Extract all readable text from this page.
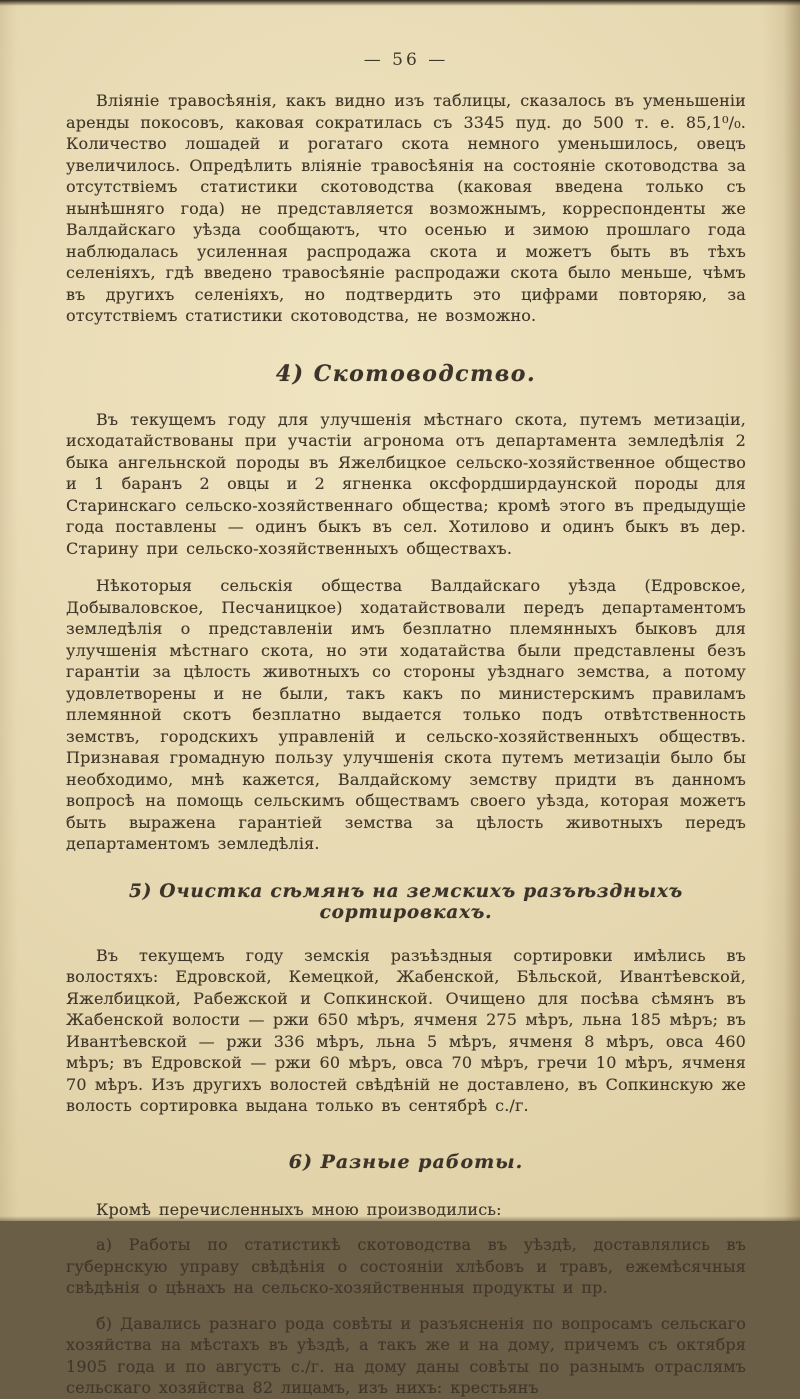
— 56 —

Вліяніе травосѣянія, какъ видно изъ таблицы, сказалось въ уменьшеніи аренды покосовъ, каковая сократилась съ 3345 пуд. до 500 т. е. 85,1⁰/₀. Количество лошадей и рогатаго скота немного уменьшилось, овецъ увеличилось. Опредѣлить вліяніе травосѣянія на состояніе скотоводства за отсутствіемъ статистики скотоводства (каковая введена только съ нынѣшняго года) не представляется возможнымъ, корреспонденты же Валдайскаго уѣзда сообщаютъ, что осенью и зимою прошлаго года наблюдалась усиленная распродажа скота и можетъ быть въ тѣхъ селеніяхъ, гдѣ введено травосѣяніе распродажи скота было меньше, чѣмъ въ другихъ селеніяхъ, но подтвердить это цифрами повторяю, за отсутствіемъ статистики скотоводства, не возможно.

4) Скотоводство.

Въ текущемъ году для улучшенія мѣстнаго скота, путемъ метизаціи, исходатайствованы при участіи агронома отъ департамента земледѣлія 2 быка ангельнской породы въ Яжелбицкое сельско-хозяйственное общество и 1 баранъ 2 овцы и 2 ягненка оксфордширдаунской породы для Старинскаго сельско-хозяйственнаго общества; кромѣ этого въ предыдущіе года поставлены — одинъ быкъ въ сел. Хотилово и одинъ быкъ въ дер. Старину при сельско-хозяйственныхъ обществахъ.

Нѣкоторыя сельскія общества Валдайскаго уѣзда (Едровское, Добываловское, Песчаницкое) ходатайствовали передъ департаментомъ земледѣлія о представленіи имъ безплатно племянныхъ быковъ для улучшенія мѣстнаго скота, но эти ходатайства были представлены безъ гарантіи за цѣлость животныхъ со стороны уѣзднаго земства, а потому удовлетворены и не были, такъ какъ по министерскимъ правиламъ племянной скотъ безплатно выдается только подъ отвѣтственность земствъ, городскихъ управленій и сельско-хозяйственныхъ обществъ. Признавая громадную пользу улучшенія скота путемъ метизаціи было бы необходимо, мнѣ кажется, Валдайскому земству придти въ данномъ вопросѣ на помощь сельскимъ обществамъ своего уѣзда, которая можетъ быть выражена гарантіей земства за цѣлость животныхъ передъ департаментомъ земледѣлія.

5) Очистка сѣмянъ на земскихъ разъѣздныхъ сортировкахъ.

Въ текущемъ году земскія разъѣздныя сортировки имѣлись въ волостяхъ: Едровской, Кемецкой, Жабенской, Бѣльской, Ивантѣевской, Яжелбицкой, Рабежской и Сопкинской. Очищено для посѣва сѣмянъ въ Жабенской волости — ржи 650 мѣръ, ячменя 275 мѣръ, льна 185 мѣръ; въ Ивантѣевской — ржи 336 мѣръ, льна 5 мѣръ, ячменя 8 мѣръ, овса 460 мѣръ; въ Едровской — ржи 60 мѣръ, овса 70 мѣръ, гречи 10 мѣръ, ячменя 70 мѣръ. Изъ другихъ волостей свѣдѣній не доставлено, въ Сопкинскую же волость сортировка выдана только въ сентябрѣ с./г.

6) Разные работы.

Кромѣ перечисленныхъ мною производились:

а) Работы по статистикѣ скотоводства въ уѣздѣ, доставлялись въ губернскую управу свѣдѣнія о состояніи хлѣбовъ и травъ, ежемѣсячныя свѣдѣнія о цѣнахъ на сельско-хозяйственныя продукты и пр.

б) Давались разнаго рода совѣты и разъясненія по вопросамъ сельскаго хозяйства на мѣстахъ въ уѣздѣ, а такъ же и на дому, причемъ съ октября 1905 года и по августъ с./г. на дому даны совѣты по разнымъ отраслямъ сельскаго хозяйства 82 лицамъ, изъ нихъ: крестьянъ
